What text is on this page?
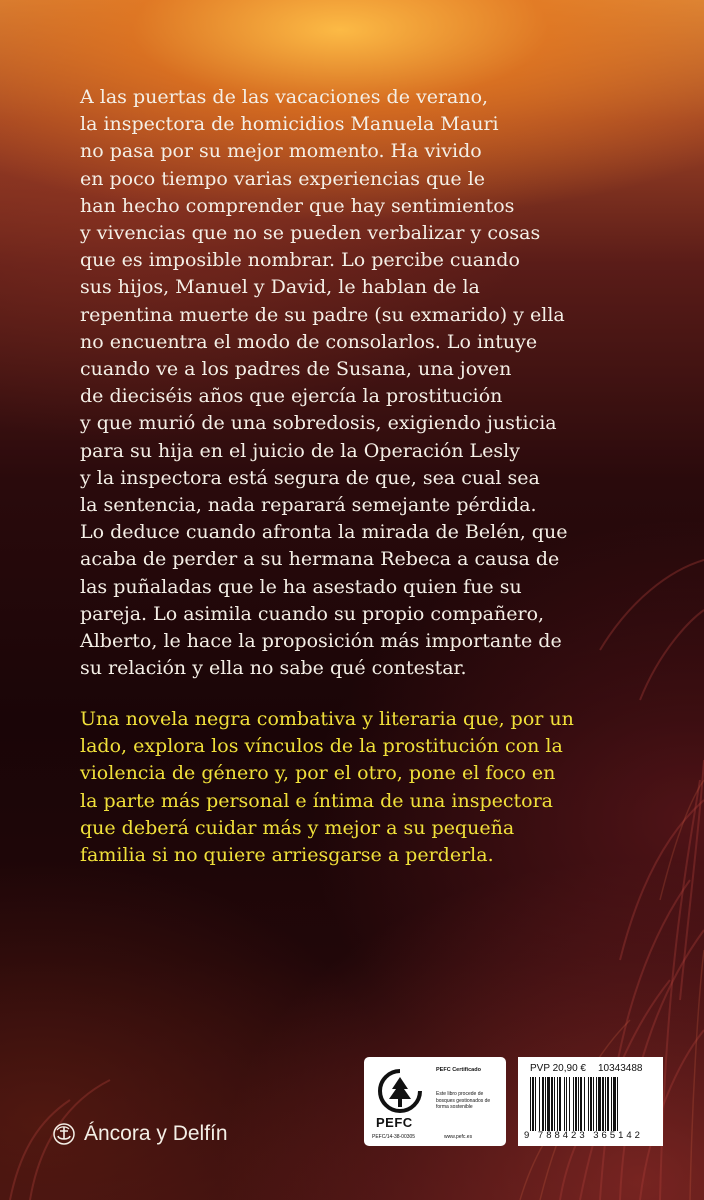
A las puertas de las vacaciones de verano,

la inspectora de homicidios Manuela Mauri

no pasa por su mejor momento. Ha vivido

en poco tiempo varias experiencias que le

han hecho comprender que hay sentimientos

y vivencias que no se pueden verbalizar y cosas

que es imposible nombrar. Lo percibe cuando

sus hijos, Manuel y David, le hablan de la

repentina muerte de su padre (su exmarido) y ella

no encuentra el modo de consolarlos. Lo intuye

cuando ve a los padres de Susana, una joven

de dieciséis años que ejercía la prostitución

y que murió de una sobredosis, exigiendo justicia

para su hija en el juicio de la Operación Lesly

y la inspectora está segura de que, sea cual sea

la sentencia, nada reparará semejante pérdida.

Lo deduce cuando afronta la mirada de Belén, que

acaba de perder a su hermana Rebeca a causa de

las puñaladas que le ha asestado quien fue su

pareja. Lo asimila cuando su propio compañero,

Alberto, le hace la proposición más importante de

su relación y ella no sabe qué contestar.

Una novela negra combativa y literaria que, por un

lado, explora los vínculos de la prostitución con la

violencia de género y, por el otro, pone el foco en

la parte más personal e íntima de una inspectora

que deberá cuidar más y mejor a su pequeña

familia si no quiere arriesgarse a perderla.

Áncora y Delfín	PEFC
PEFC/14-38-00305
PEFC Certificado
Este libro procede de bosques gestionados de forma sostenible
www.pefc.es
PVP 20,90 € 10343488
9 788423 365142
